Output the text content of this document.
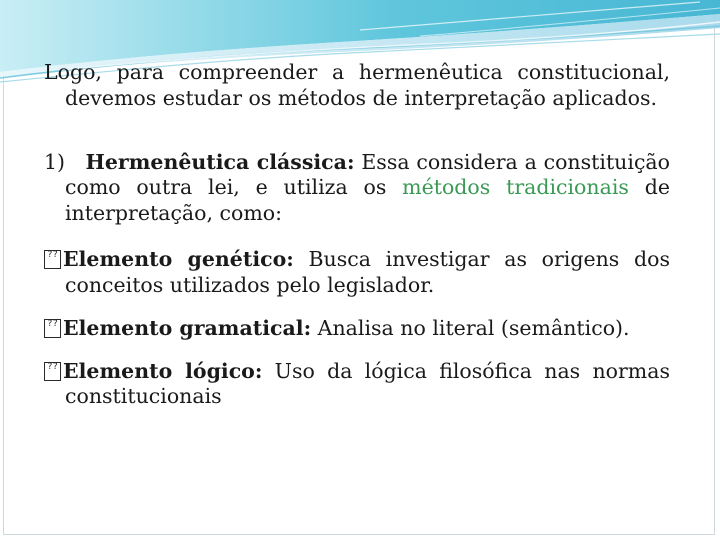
Logo, para compreender a hermenêutica constitucional, devemos estudar os métodos de interpretação aplicados.

1) Hermenêutica clássica: Essa considera a constituição como outra lei, e utiliza os métodos tradicionais de interpretação, como:

?? Elemento genético: Busca investigar as origens dos conceitos utilizados pelo legislador.

?? Elemento gramatical: Analisa no literal (semântico).

?? Elemento lógico: Uso da lógica filosófica nas normas constitucionais
